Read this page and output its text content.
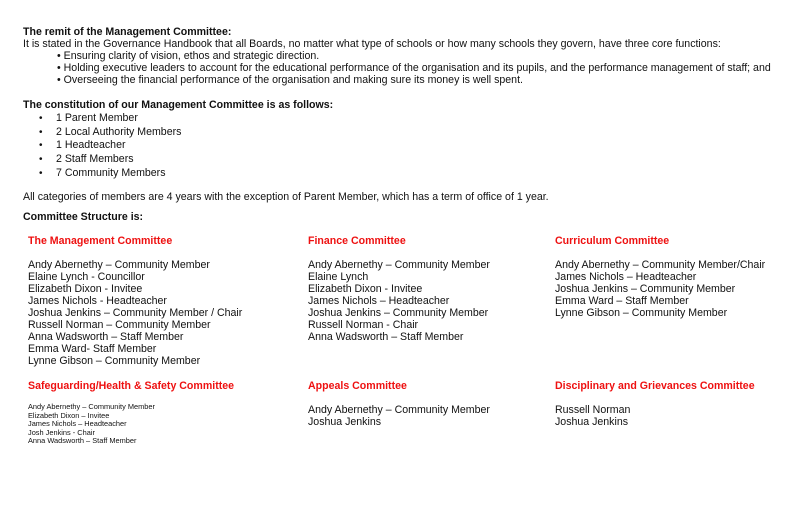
The remit of the Management Committee:
It is stated in the Governance Handbook that all Boards, no matter what type of schools or how many schools they govern, have three core functions:
• Ensuring clarity of vision, ethos and strategic direction.
• Holding executive leaders to account for the educational performance of the organisation and its pupils, and the performance management of staff; and
• Overseeing the financial performance of the organisation and making sure its money is well spent.
The constitution of our Management Committee is as follows:
• 1 Parent Member
• 2 Local Authority Members
• 1 Headteacher
• 2 Staff Members
• 7 Community Members
All categories of members are 4 years with the exception of Parent Member, which has a term of office of 1 year.
Committee Structure is:
The Management Committee
Andy Abernethy – Community Member
Elaine Lynch - Councillor
Elizabeth Dixon - Invitee
James Nichols - Headteacher
Joshua Jenkins – Community Member / Chair
Russell Norman – Community Member
Anna Wadsworth – Staff Member
Emma Ward- Staff Member
Lynne Gibson – Community Member
Finance Committee
Andy Abernethy – Community Member
Elaine Lynch
Elizabeth Dixon - Invitee
James Nichols – Headteacher
Joshua Jenkins – Community Member
Russell Norman - Chair
Anna Wadsworth – Staff Member
Curriculum Committee
Andy Abernethy – Community Member/Chair
James Nichols – Headteacher
Joshua Jenkins – Community Member
Emma Ward – Staff Member
Lynne Gibson – Community Member
Safeguarding/Health & Safety Committee
Andy Abernethy – Community Member
Elizabeth Dixon – Invitee
James Nichols – Headteacher
Josh Jenkins - Chair
Anna Wadsworth – Staff Member
Appeals Committee
Andy Abernethy – Community Member
Joshua Jenkins
Disciplinary and Grievances Committee
Russell Norman
Joshua Jenkins
